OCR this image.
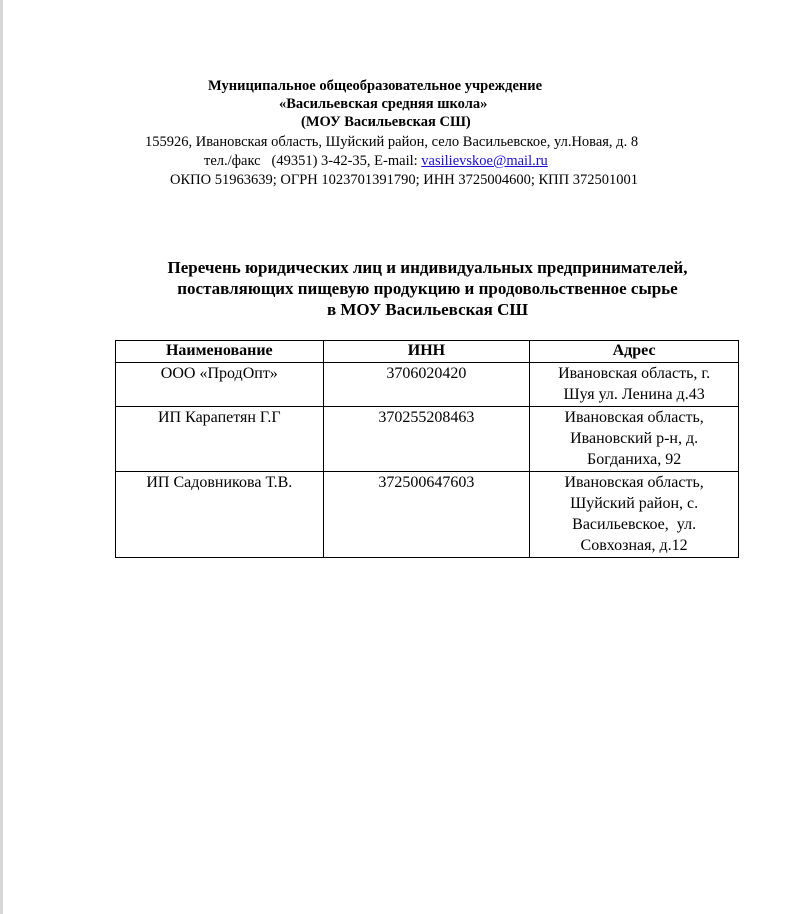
Муниципальное общеобразовательное учреждение
«Васильевская средняя школа»
(МОУ Васильевская СШ)
155926, Ивановская область, Шуйский район, село Васильевское, ул.Новая, д. 8
тел./факс   (49351) 3-42-35, E-mail: vasilievskoe@mail.ru
ОКПО 51963639; ОГРН 1023701391790; ИНН 3725004600; КПП 372501001
Перечень юридических лиц и индивидуальных предпринимателей,
поставляющих пищевую продукцию и продовольственное сырье
в МОУ Васильевская СШ
Наименование	ИНН	Адрес
ООО «ПродОпт»	3706020420	Ивановская область, г.
Шуя ул. Ленина д.43

ИП Карапетян Г.Г	370255208463	Ивановская область,
Ивановский р-н, д.
Богданиха, 92

ИП Садовникова Т.В.	372500647603	Ивановская область,
Шуйский район, с.
Васильевское,  ул.
Совхозная, д.12
